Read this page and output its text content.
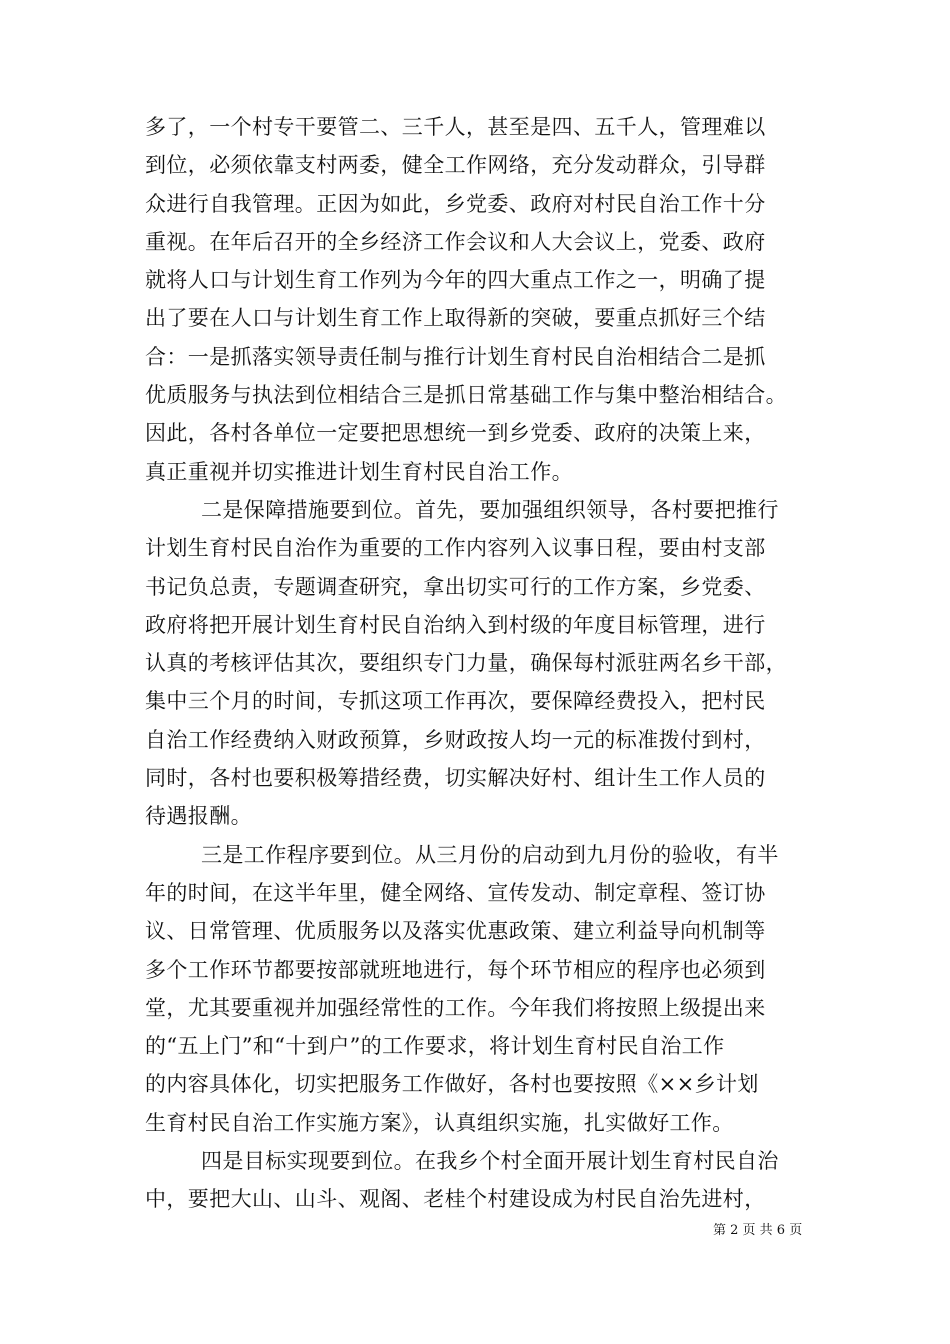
多了，一个村专干要管二、三千人，甚至是四、五千人，管理难以
到位，必须依靠支村两委，健全工作网络，充分发动群众，引导群
众进行自我管理。正因为如此，乡党委、政府对村民自治工作十分
重视。在年后召开的全乡经济工作会议和人大会议上，党委、政府
就将人口与计划生育工作列为今年的四大重点工作之一，明确了提
出了要在人口与计划生育工作上取得新的突破，要重点抓好三个结
合：一是抓落实领导责任制与推行计划生育村民自治相结合二是抓
优质服务与执法到位相结合三是抓日常基础工作与集中整治相结合。
因此，各村各单位一定要把思想统一到乡党委、政府的决策上来，
真正重视并切实推进计划生育村民自治工作。
二是保障措施要到位。首先，要加强组织领导，各村要把推行
计划生育村民自治作为重要的工作内容列入议事日程，要由村支部
书记负总责，专题调查研究，拿出切实可行的工作方案，乡党委、
政府将把开展计划生育村民自治纳入到村级的年度目标管理，进行
认真的考核评估其次，要组织专门力量，确保每村派驻两名乡干部，
集中三个月的时间，专抓这项工作再次，要保障经费投入，把村民
自治工作经费纳入财政预算，乡财政按人均一元的标准拨付到村，
同时，各村也要积极筹措经费，切实解决好村、组计生工作人员的
待遇报酬。
三是工作程序要到位。从三月份的启动到九月份的验收，有半
年的时间，在这半年里，健全网络、宣传发动、制定章程、签订协
议、日常管理、优质服务以及落实优惠政策、建立利益导向机制等
多个工作环节都要按部就班地进行，每个环节相应的程序也必须到
堂，尤其要重视并加强经常性的工作。今年我们将按照上级提出来
的“五上门”和“十到户”的工作要求，将计划生育村民自治工作
的内容具体化，切实把服务工作做好，各村也要按照《××乡计划
生育村民自治工作实施方案》，认真组织实施，扎实做好工作。
四是目标实现要到位。在我乡个村全面开展计划生育村民自治
中，要把大山、山斗、观阁、老桂个村建设成为村民自治先进村，
第 2 页 共 6 页
